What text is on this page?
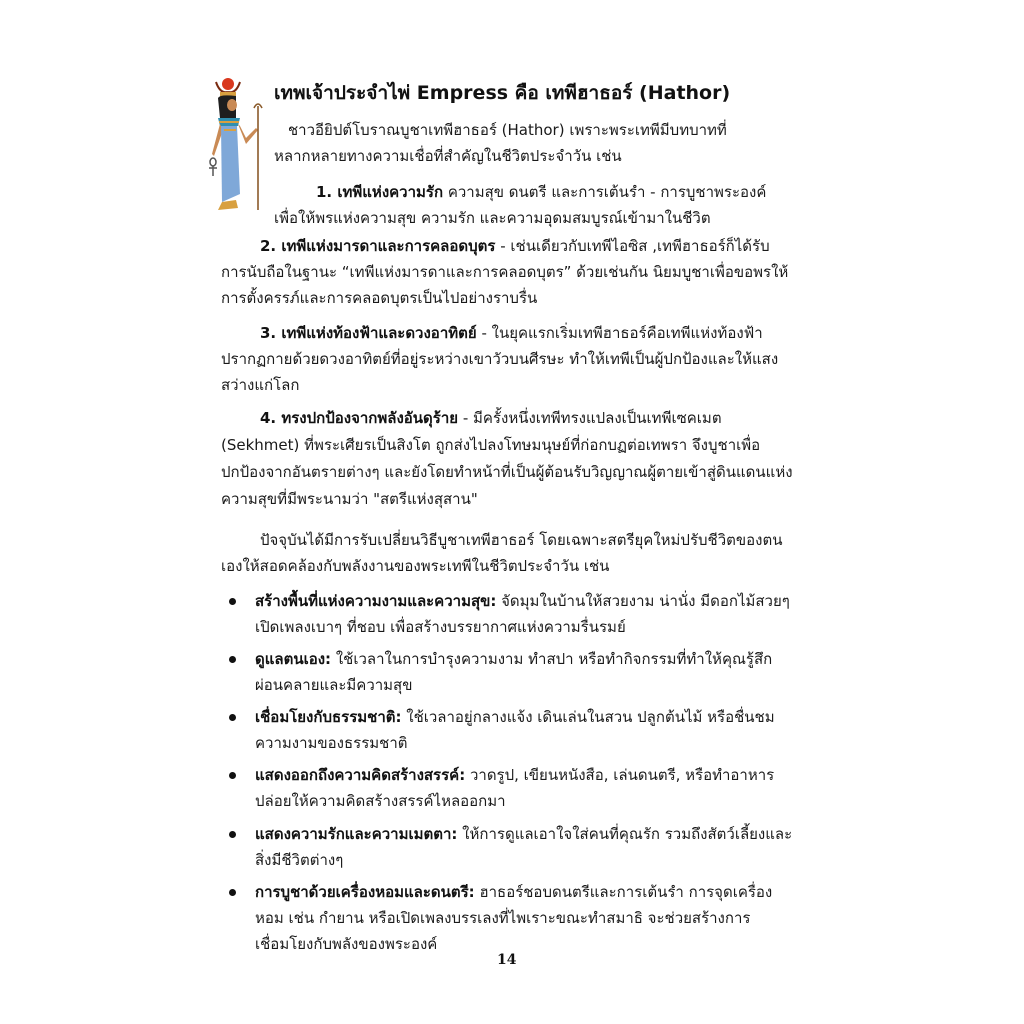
เทพเจ้าประจำไพ่ Empress คือ เทพีฮาธอร์ (Hathor)
ชาวอียิปต์โบราณบูชาเทพีฮาธอร์ (Hathor) เพราะพระเทพีมีบทบาทที่
หลากหลายทางความเชื่อที่สำคัญในชีวิตประจำวัน เช่น
1. เทพีแห่งความรัก ความสุข ดนตรี และการเต้นรำ - การบูชาพระองค์
เพื่อให้พรแห่งความสุข ความรัก และความอุดมสมบูรณ์เข้ามาในชีวิต
2. เทพีแห่งมารดาและการคลอดบุตร - เช่นเดียวกับเทพีไอซิส ,เทพีฮาธอร์ก็ได้รับ
การนับถือในฐานะ “เทพีแห่งมารดาและการคลอดบุตร” ด้วยเช่นกัน นิยมบูชาเพื่อขอพรให้
การตั้งครรภ์และการคลอดบุตรเป็นไปอย่างราบรื่น
3. เทพีแห่งท้องฟ้าและดวงอาทิตย์ - ในยุคแรกเริ่มเทพีฮาธอร์คือเทพีแห่งท้องฟ้า
ปรากฏกายด้วยดวงอาทิตย์ที่อยู่ระหว่างเขาวัวบนศีรษะ ทำให้เทพีเป็นผู้ปกป้องและให้แสง
สว่างแก่โลก
4. ทรงปกป้องจากพลังอันดุร้าย - มีครั้งหนึ่งเทพีทรงแปลงเป็นเทพีเซคเมต
(Sekhmet) ที่พระเศียรเป็นสิงโต ถูกส่งไปลงโทษมนุษย์ที่ก่อกบฏต่อเทพรา จึงบูชาเพื่อ
ปกป้องจากอันตรายต่างๆ และยังโดยทำหน้าที่เป็นผู้ต้อนรับวิญญาณผู้ตายเข้าสู่ดินแดนแห่ง
ความสุขที่มีพระนามว่า "สตรีแห่งสุสาน"
ปัจจุบันได้มีการรับเปลี่ยนวิธีบูชาเทพีฮาธอร์ โดยเฉพาะสตรียุคใหม่ปรับชีวิตของตน
เองให้สอดคล้องกับพลังงานของพระเทพีในชีวิตประจำวัน เช่น
สร้างพื้นที่แห่งความงามและความสุข: จัดมุมในบ้านให้สวยงาม น่านั่ง มีดอกไม้สวยๆ
เปิดเพลงเบาๆ ที่ชอบ เพื่อสร้างบรรยากาศแห่งความรื่นรมย์
ดูแลตนเอง: ใช้เวลาในการบำรุงความงาม ทำสปา หรือทำกิจกรรมที่ทำให้คุณรู้สึก
ผ่อนคลายและมีความสุข
เชื่อมโยงกับธรรมชาติ: ใช้เวลาอยู่กลางแจ้ง เดินเล่นในสวน ปลูกต้นไม้ หรือชื่นชม
ความงามของธรรมชาติ
แสดงออกถึงความคิดสร้างสรรค์: วาดรูป, เขียนหนังสือ, เล่นดนตรี, หรือทำอาหาร
ปล่อยให้ความคิดสร้างสรรค์ไหลออกมา
แสดงความรักและความเมตตา: ให้การดูแลเอาใจใส่คนที่คุณรัก รวมถึงสัตว์เลี้ยงและ
สิ่งมีชีวิตต่างๆ
การบูชาด้วยเครื่องหอมและดนตรี: ฮาธอร์ชอบดนตรีและการเต้นรำ การจุดเครื่อง
หอม เช่น กำยาน หรือเปิดเพลงบรรเลงที่ไพเราะขณะทำสมาธิ จะช่วยสร้างการ
เชื่อมโยงกับพลังของพระองค์
14
